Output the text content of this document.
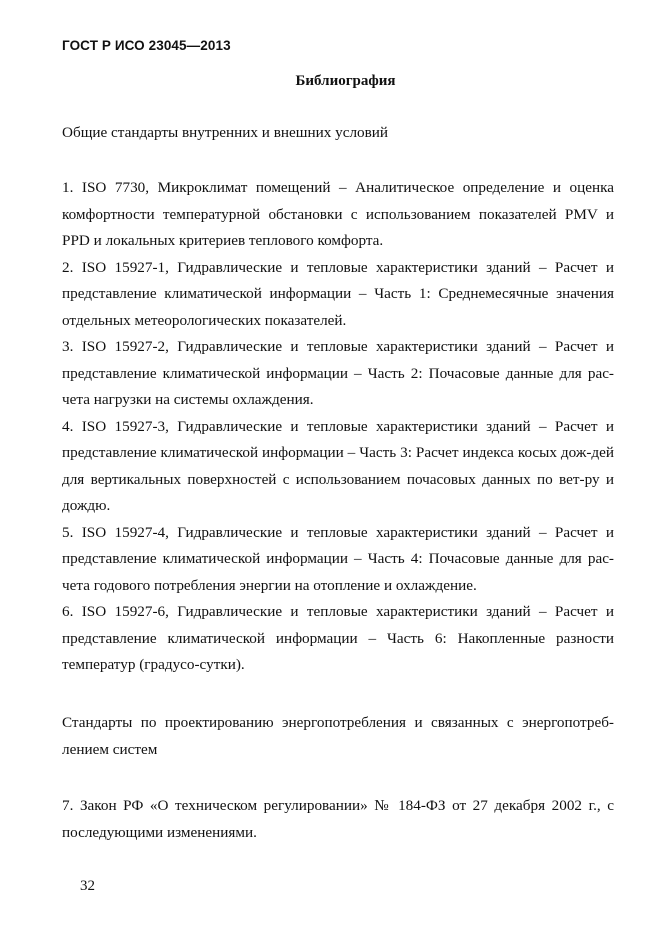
ГОСТ Р ИСО 23045—2013
Библиография

Общие стандарты внутренних и внешних условий

1. ISO 7730, Микроклимат помещений – Аналитическое определение и оценка комфортности температурной обстановки с использованием показателей PMV и PPD и локальных критериев теплового комфорта.

2. ISO 15927-1, Гидравлические и тепловые характеристики зданий – Расчет и представление климатической информации – Часть 1: Среднемесячные значения отдельных метеорологических показателей.

3. ISO 15927-2, Гидравлические и тепловые характеристики зданий – Расчет и представление климатической информации – Часть 2: Почасовые данные для рас-чета нагрузки на системы охлаждения.

4. ISO 15927-3, Гидравлические и тепловые характеристики зданий – Расчет и представление климатической информации – Часть 3: Расчет индекса косых дож-дей для вертикальных поверхностей с использованием почасовых данных по вет-ру и дождю.

5. ISO 15927-4, Гидравлические и тепловые характеристики зданий – Расчет и представление климатической информации – Часть 4: Почасовые данные для рас-чета годового потребления энергии на отопление и охлаждение.

6. ISO 15927-6, Гидравлические и тепловые характеристики зданий – Расчет и представление климатической информации – Часть 6: Накопленные разности температур (градусо-сутки).

Стандарты по проектированию энергопотребления и связанных с энергопотреб-лением систем

7. Закон РФ «О техническом регулировании» № 184-ФЗ от 27 декабря 2002 г., с последующими изменениями.

32
